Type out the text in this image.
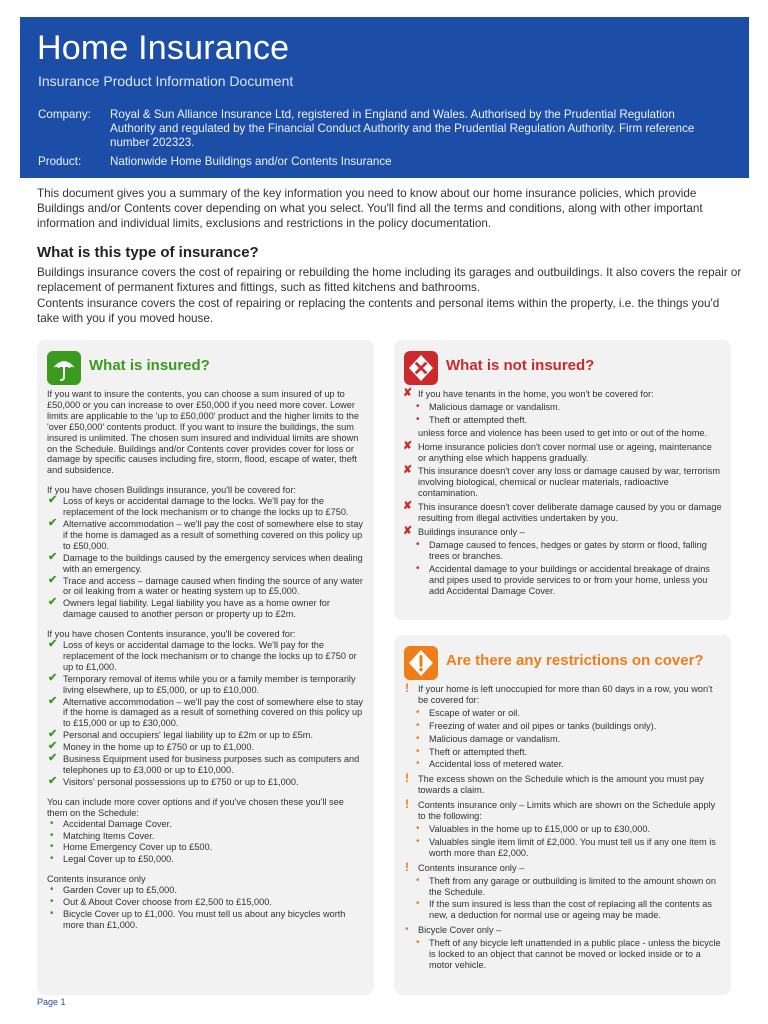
Home Insurance
Insurance Product Information Document
Company:	Royal & Sun Alliance Insurance Ltd, registered in England and Wales. Authorised by the Prudential Regulation Authority and regulated by the Financial Conduct Authority and the Prudential Regulation Authority. Firm reference number 202323.
Product:	Nationwide Home Buildings and/or Contents Insurance
This document gives you a summary of the key information you need to know about our home insurance policies, which provide Buildings and/or Contents cover depending on what you select. You'll find all the terms and conditions, along with other important information and individual limits, exclusions and restrictions in the policy documentation.
What is this type of insurance?
Buildings insurance covers the cost of repairing or rebuilding the home including its garages and outbuildings. It also covers the repair or replacement of permanent fixtures and fittings, such as fitted kitchens and bathrooms.
Contents insurance covers the cost of repairing or replacing the contents and personal items within the property, i.e. the things you'd take with you if you moved house.
What is insured?

If you want to insure the contents, you can choose a sum insured of up to £50,000 or you can increase to over £50,000 if you need more cover. Lower limits are applicable to the 'up to £50,000' product and the higher limits to the 'over £50,000' contents product. If you want to insure the buildings, the sum insured is unlimited. The chosen sum insured and individual limits are shown on the Schedule. Buildings and/or Contents cover provides cover for loss or damage by specific causes including fire, storm, flood, escape of water, theft and subsidence.

If you have chosen Buildings insurance, you'll be covered for:

✔ Loss of keys or accidental damage to the locks. We'll pay for the replacement of the lock mechanism or to change the locks up to £750.
✔ Alternative accommodation – we'll pay the cost of somewhere else to stay if the home is damaged as a result of something covered on this policy up to £50,000.
✔ Damage to the buildings caused by the emergency services when dealing with an emergency.
✔ Trace and access – damage caused when finding the source of any water or oil leaking from a water or heating system up to £5,000.
✔ Owners legal liability. Legal liability you have as a home owner for damage caused to another person or property up to £2m.

If you have chosen Contents insurance, you'll be covered for:

✔ Loss of keys or accidental damage to the locks. We'll pay for the replacement of the lock mechanism or to change the locks up to £750 or up to £1,000.
✔ Temporary removal of items while you or a family member is temporarily living elsewhere, up to £5,000, or up to £10,000.
✔ Alternative accommodation – we'll pay the cost of somewhere else to stay if the home is damaged as a result of something covered on this policy up to £15,000 or up to £30,000.
✔ Personal and occupiers' legal liability up to £2m or up to £5m.
✔ Money in the home up to £750 or up to £1,000.
✔ Business Equipment used for business purposes such as computers and telephones up to £3,000 or up to £10,000.
✔ Visitors' personal possessions up to £750 or up to £1,000.

You can include more cover options and if you've chosen these you'll see them on the Schedule:

• Accidental Damage Cover.
• Matching Items Cover.
• Home Emergency Cover up to £500.
• Legal Cover up to £50,000.

Contents insurance only

• Garden Cover up to £5,000.
• Out & About Cover choose from £2,500 to £15,000.
• Bicycle Cover up to £1,000. You must tell us about any bicycles worth more than £1,000.
What is not insured?
✘ If you have tenants in the home, you won't be covered for:
• Malicious damage or vandalism.
• Theft or attempted theft.
unless force and violence has been used to get into or out of the home.
✘ Home insurance policies don't cover normal use or ageing, maintenance or anything else which happens gradually.
✘ This insurance doesn't cover any loss or damage caused by war, terrorism involving biological, chemical or nuclear materials, radioactive contamination.
✘ This insurance doesn't cover deliberate damage caused by you or damage resulting from illegal activities undertaken by you.
✘ Buildings insurance only –
• Damage caused to fences, hedges or gates by storm or flood, falling trees or branches.
• Accidental damage to your buildings or accidental breakage of drains and pipes used to provide services to or from your home, unless you add Accidental Damage Cover.
Are there any restrictions on cover?
! If your home is left unoccupied for more than 60 days in a row, you won't be covered for:
• Escape of water or oil.
• Freezing of water and oil pipes or tanks (buildings only).
• Malicious damage or vandalism.
• Theft or attempted theft.
• Accidental loss of metered water.
! The excess shown on the Schedule which is the amount you must pay towards a claim.
! Contents insurance only – Limits which are shown on the Schedule apply to the following:
• Valuables in the home up to £15,000 or up to £30,000.
• Valuables single item limit of £2,000. You must tell us if any one item is worth more than £2,000.
! Contents insurance only –
• Theft from any garage or outbuilding is limited to the amount shown on the Schedule.
• If the sum insured is less than the cost of replacing all the contents as new, a deduction for normal use or ageing may be made.
• Bicycle Cover only –
• Theft of any bicycle left unattended in a public place - unless the bicycle is locked to an object that cannot be moved or locked inside or to a motor vehicle.
Page 1
